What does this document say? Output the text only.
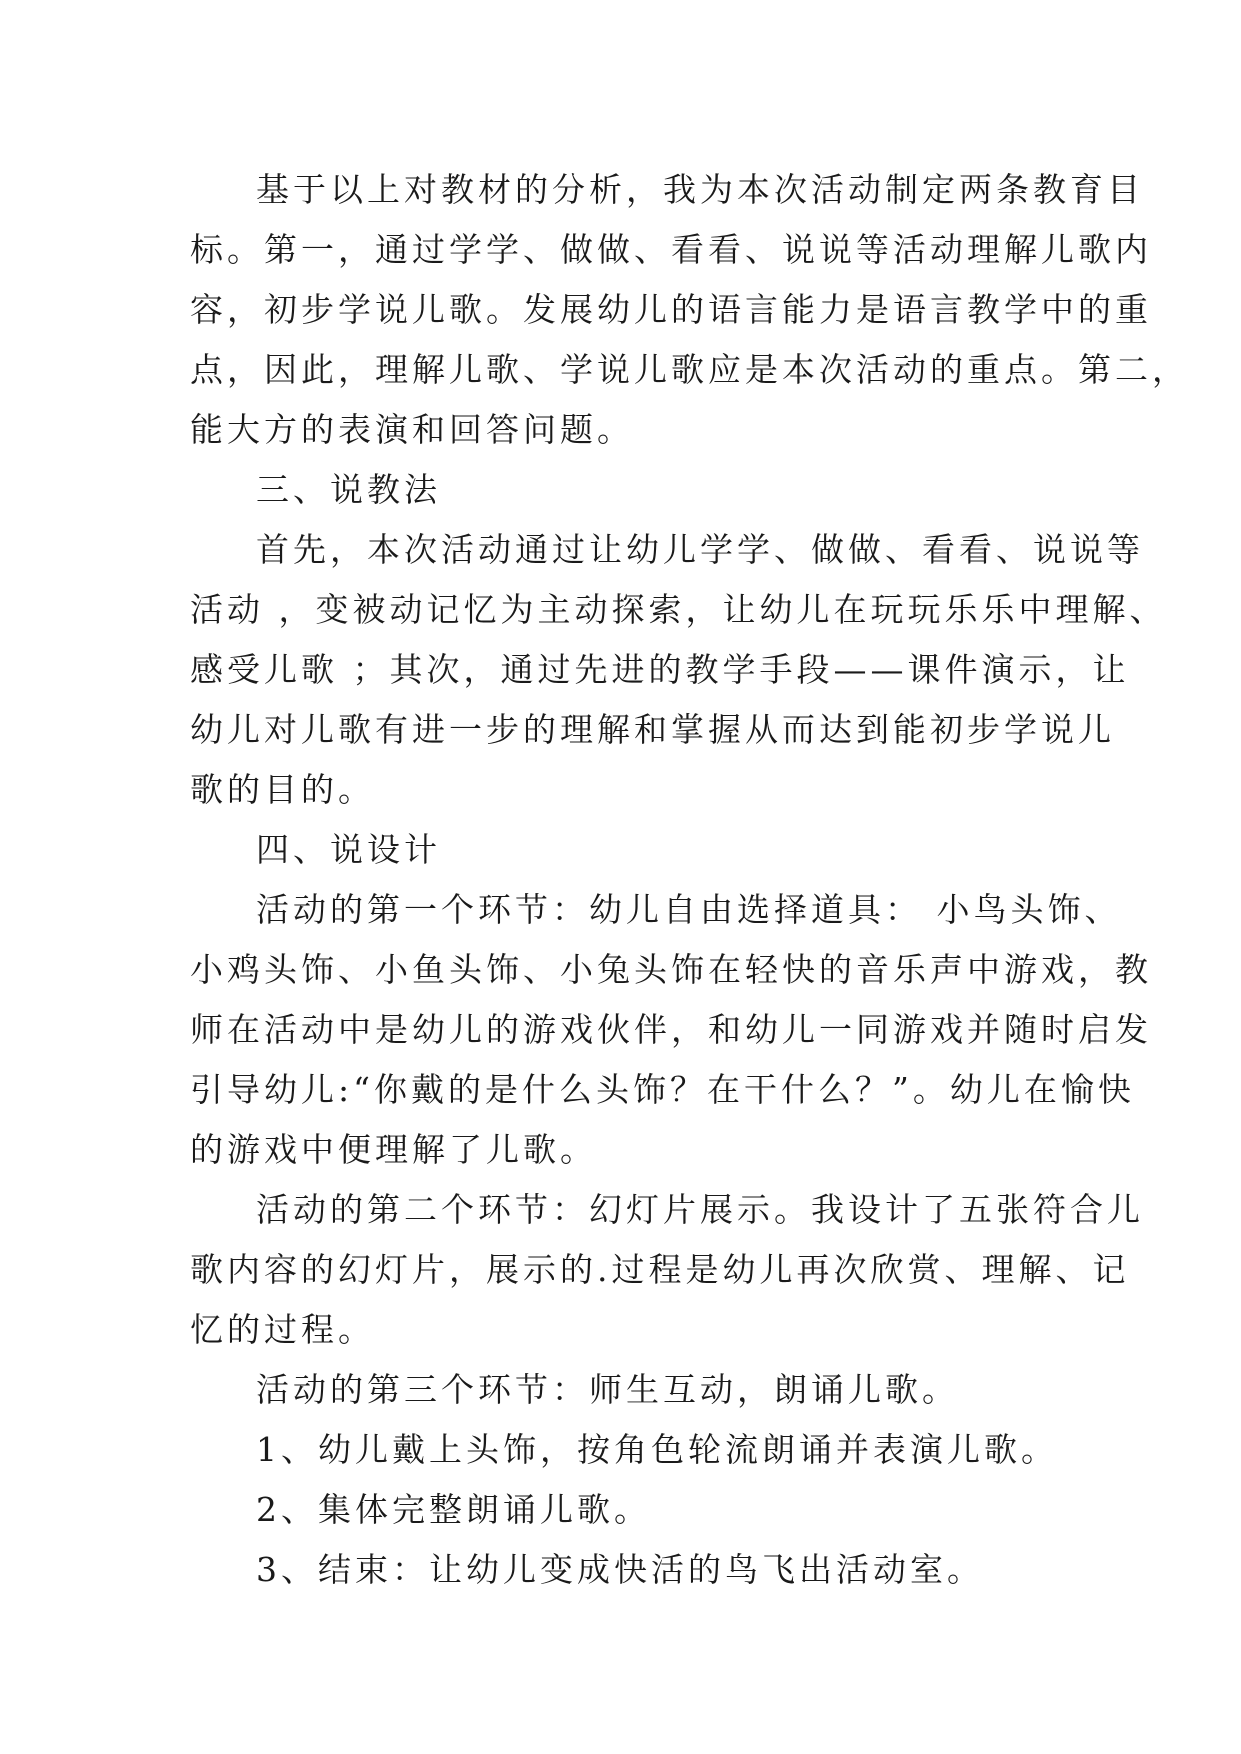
基于以上对教材的分析，我为本次活动制定两条教育目
标。第一，通过学学、做做、看看、说说等活动理解儿歌内
容，初步学说儿歌。发展幼儿的语言能力是语言教学中的重
点，因此，理解儿歌、学说儿歌应是本次活动的重点。第二，
能大方的表演和回答问题。
三、说教法
首先，本次活动通过让幼儿学学、做做、看看、说说等
活动 ，变被动记忆为主动探索，让幼儿在玩玩乐乐中理解、
感受儿歌 ；其次，通过先进的教学手段——课件演示，让
幼儿对儿歌有进一步的理解和掌握从而达到能初步学说儿
歌的目的。
四、说设计
活动的第一个环节：幼儿自由选择道具： 小鸟头饰、
小鸡头饰、小鱼头饰、小兔头饰在轻快的音乐声中游戏，教
师在活动中是幼儿的游戏伙伴，和幼儿一同游戏并随时启发
引导幼儿:“你戴的是什么头饰？在干什么？”。幼儿在愉快
的游戏中便理解了儿歌。
活动的第二个环节：幻灯片展示。我设计了五张符合儿
歌内容的幻灯片，展示的.过程是幼儿再次欣赏、理解、记
忆的过程。
活动的第三个环节：师生互动，朗诵儿歌。
1、幼儿戴上头饰，按角色轮流朗诵并表演儿歌。
2、集体完整朗诵儿歌。
3、结束：让幼儿变成快活的鸟飞出活动室。
